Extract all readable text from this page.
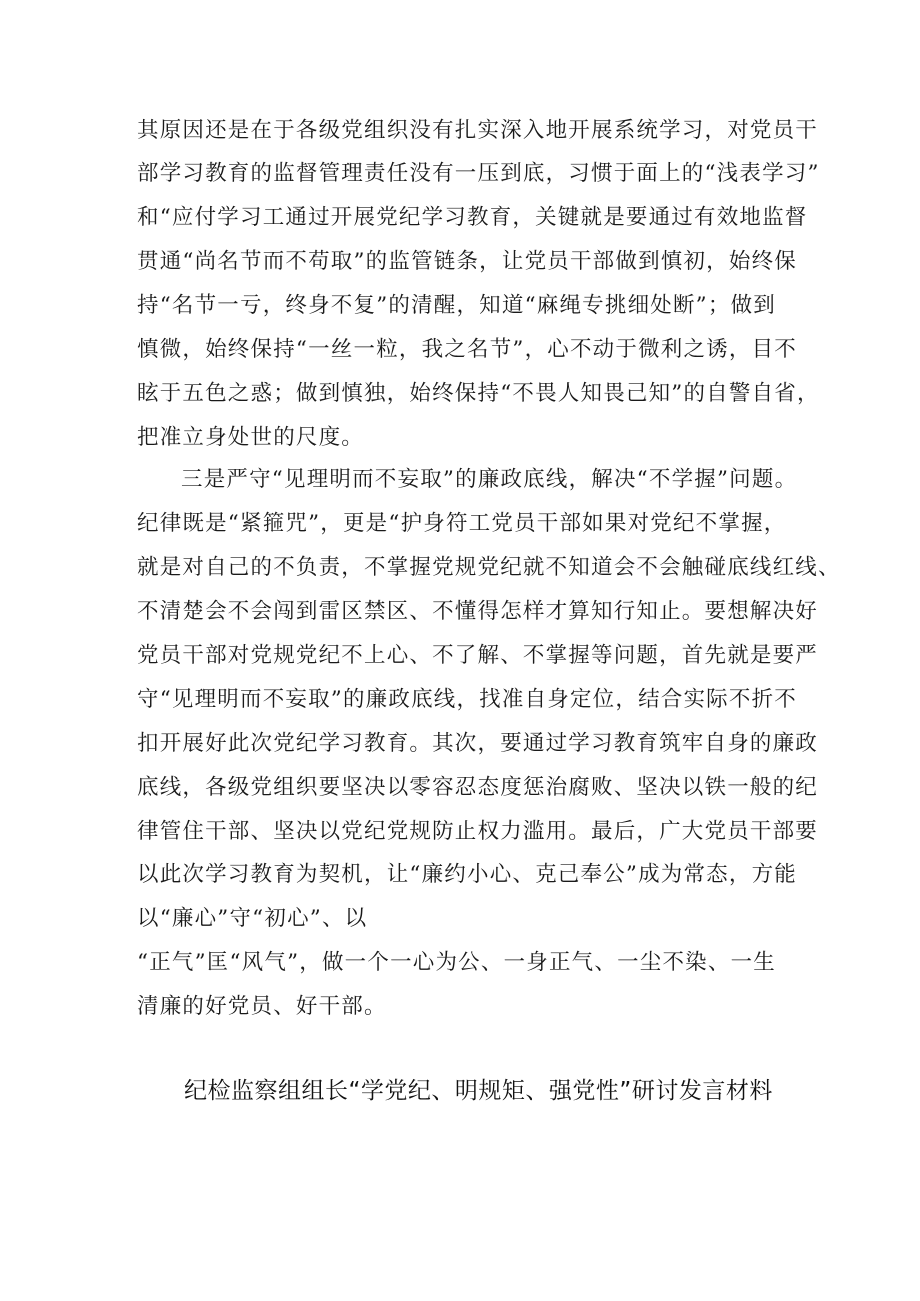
其原因还是在于各级党组织没有扎实深入地开展系统学习，对党员干
部学习教育的监督管理责任没有一压到底，习惯于面上的“浅表学习”
和“应付学习工通过开展党纪学习教育，关键就是要通过有效地监督
贯通“尚名节而不苟取”的监管链条，让党员干部做到慎初，始终保
持“名节一亏，终身不复”的清醒，知道“麻绳专挑细处断”；做到
慎微，始终保持“一丝一粒，我之名节”，心不动于微利之诱，目不
眩于五色之惑；做到慎独，始终保持“不畏人知畏己知”的自警自省，
把准立身处世的尺度。
三是严守“见理明而不妄取”的廉政底线，解决“不学握”问题。
纪律既是“紧箍咒”，更是“护身符工党员干部如果对党纪不掌握，
就是对自己的不负责，不掌握党规党纪就不知道会不会触碰底线红线、
不清楚会不会闯到雷区禁区、不懂得怎样才算知行知止。要想解决好
党员干部对党规党纪不上心、不了解、不掌握等问题，首先就是要严
守“见理明而不妄取”的廉政底线，找准自身定位，结合实际不折不
扣开展好此次党纪学习教育。其次，要通过学习教育筑牢自身的廉政
底线，各级党组织要坚决以零容忍态度惩治腐败、坚决以铁一般的纪
律管住干部、坚决以党纪党规防止权力滥用。最后，广大党员干部要
以此次学习教育为契机，让“廉约小心、克己奉公”成为常态，方能
以“廉心”守“初心”、以
“正气”匡“风气”，做一个一心为公、一身正气、一尘不染、一生
清廉的好党员、好干部。
纪检监察组组长“学党纪、明规矩、强党性”研讨发言材料
